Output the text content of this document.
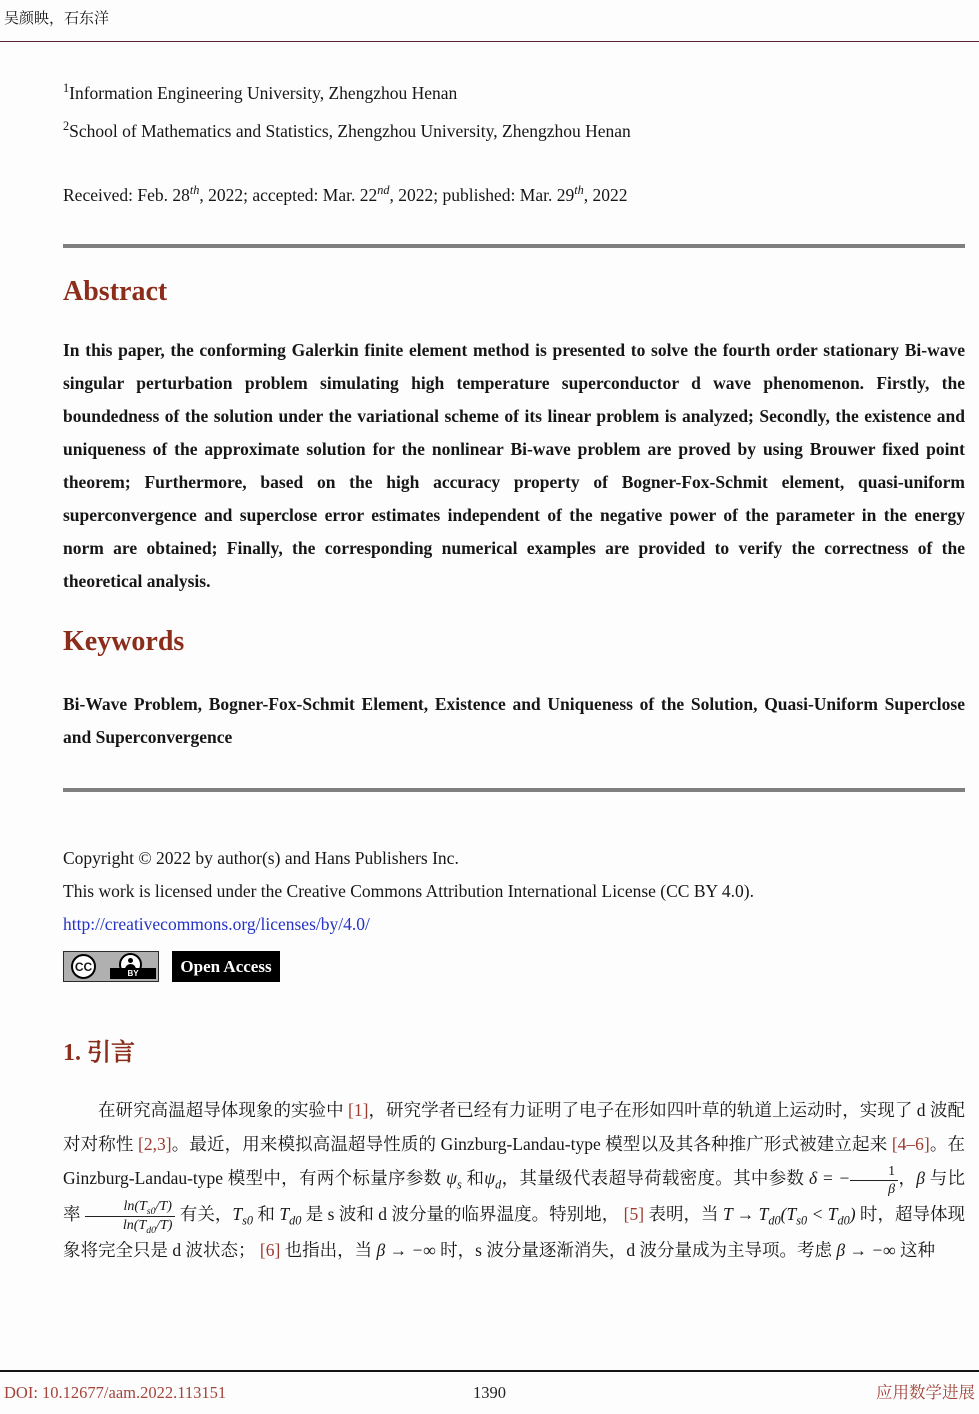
吴颜眏，石东洋
$^1$Information Engineering University, Zhengzhou Henan
$^2$School of Mathematics and Statistics, Zhengzhou University, Zhengzhou Henan
Received: Feb. 28th, 2022; accepted: Mar. 22nd, 2022; published: Mar. 29th, 2022
Abstract

In this paper, the conforming Galerkin finite element method is presented to solve the fourth order stationary Bi-wave singular perturbation problem simulating high temperature superconductor d wave phenomenon. Firstly, the boundedness of the solution under the variational scheme of its linear problem is analyzed; Secondly, the existence and uniqueness of the approximate solution for the nonlinear Bi-wave problem are proved by using Brouwer fixed point theorem; Furthermore, based on the high accuracy property of Bogner-Fox-Schmit element, quasi-uniform superconvergence and superclose error estimates independent of the negative power of the parameter in the energy norm are obtained; Finally, the corresponding numerical examples are provided to verify the correctness of the theoretical analysis.

Keywords

Bi-Wave Problem, Bogner-Fox-Schmit Element, Existence and Uniqueness of the Solution, Quasi-Uniform Superclose and Superconvergence

Copyright © 2022 by author(s) and Hans Publishers Inc.
This work is licensed under the Creative Commons Attribution International License (CC BY 4.0).
http://creativecommons.org/licenses/by/4.0/
CC	BY	Open Access
1. 引言

在研究高温超导体现象的实验中 [1]，研究学者已经有力证明了电子在形如四叶草的轨道上运动时，实现了 d 波配对对称性 [2,3]。最近，用来模拟高温超导性质的 Ginzburg-Landau-type 模型以及其各种推广形式被建立起来 [4–6]。在 Ginzburg-Landau-type 模型中，有两个标量序参数 $\psi_s$ 和$\psi_d$，其量级代表超导荷载密度。其中参数 δ = − $\frac{1}{\beta}$ ，β 与比率 $\frac{\ln(T_{s0}/T)}{\ln(T_{d0}/T)}$ 有关，$T_{s0}$ 和 $T_{d0}$ 是 s 波和 d 波分量的临界温度。特别地， [5] 表明，当 $T \to T_{d0}(T_{s0} < T_{d0})$ 时，超导体现象将完全只是 d 波状态； [6] 也指出，当 β → −∞ 时，s 波分量逐渐消失，d 波分量成为主导项。考虑 β → −∞ 这种

DOI: 10.12677/aam.2022.113151	1390	应用数学进展
